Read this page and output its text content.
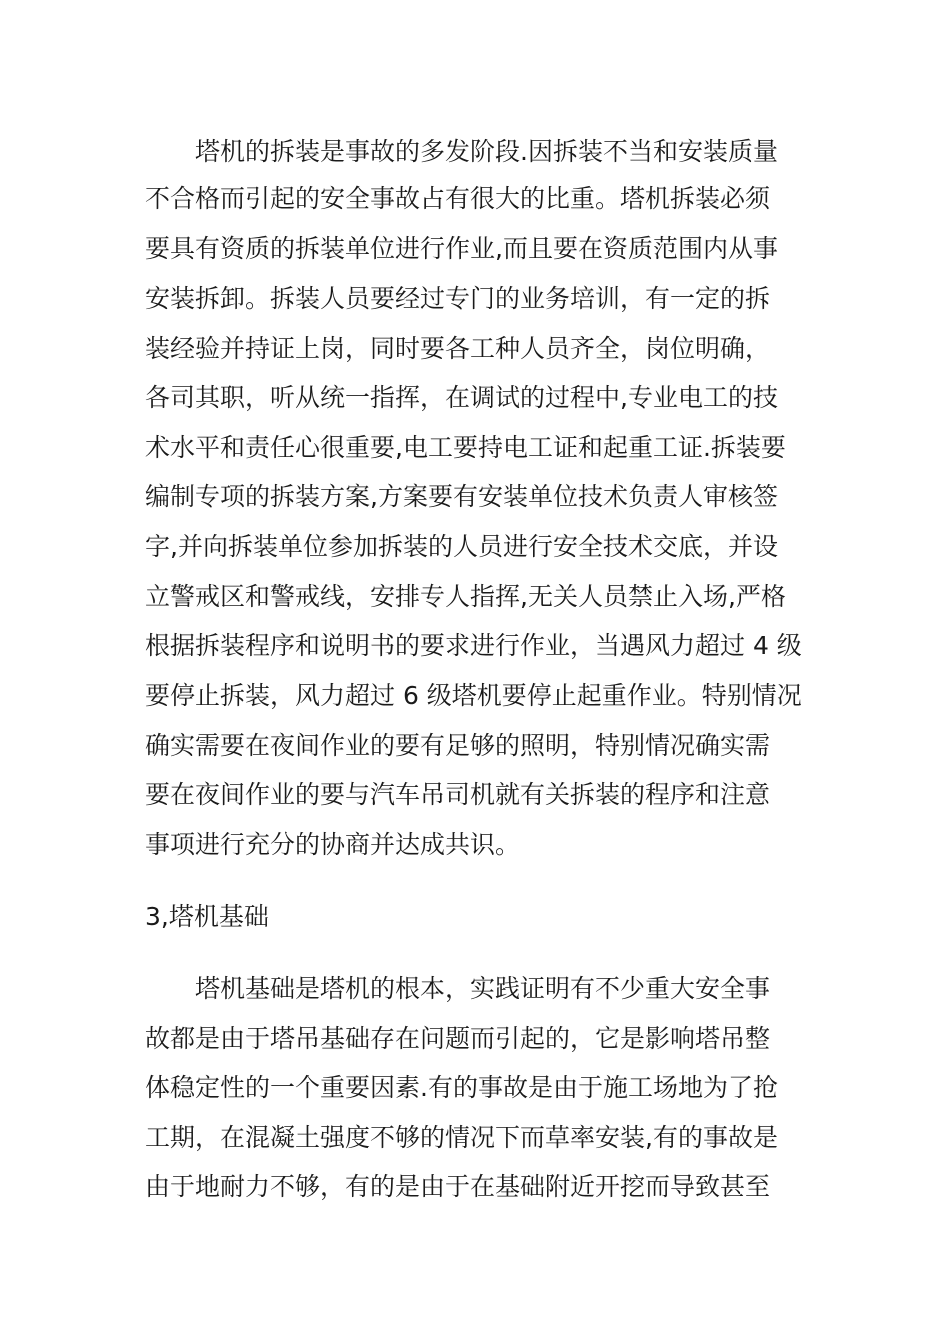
塔机的拆装是事故的多发阶段.因拆装不当和安装质量
不合格而引起的安全事故占有很大的比重。塔机拆装必须
要具有资质的拆装单位进行作业,而且要在资质范围内从事
安装拆卸。拆装人员要经过专门的业务培训，有一定的拆
装经验并持证上岗，同时要各工种人员齐全，岗位明确，
各司其职，听从统一指挥，在调试的过程中,专业电工的技
术水平和责任心很重要,电工要持电工证和起重工证.拆装要
编制专项的拆装方案,方案要有安装单位技术负责人审核签
字,并向拆装单位参加拆装的人员进行安全技术交底，并设
立警戒区和警戒线，安排专人指挥,无关人员禁止入场,严格
根据拆装程序和说明书的要求进行作业，当遇风力超过 4 级
要停止拆装，风力超过 6 级塔机要停止起重作业。特别情况
确实需要在夜间作业的要有足够的照明，特别情况确实需
要在夜间作业的要与汽车吊司机就有关拆装的程序和注意
事项进行充分的协商并达成共识。
3,塔机基础
塔机基础是塔机的根本，实践证明有不少重大安全事
故都是由于塔吊基础存在问题而引起的，它是影响塔吊整
体稳定性的一个重要因素.有的事故是由于施工场地为了抢
工期，在混凝土强度不够的情况下而草率安装,有的事故是
由于地耐力不够，有的是由于在基础附近开挖而导致甚至
